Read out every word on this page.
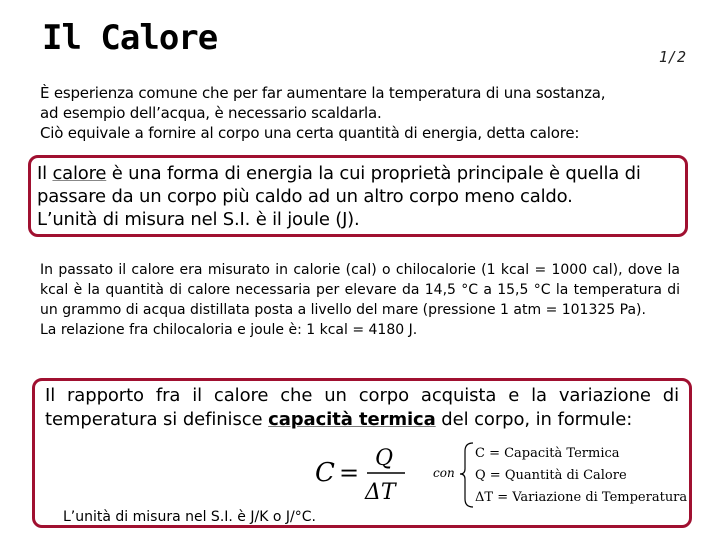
Il Calore	1/2

È esperienza comune che per far aumentare la temperatura di una sostanza,

ad esempio dell’acqua, è necessario scaldarla.

Ciò equivale a fornire al corpo una certa quantità di energia, detta calore:

Il calore è una forma di energia la cui proprietà principale è quella di

passare da un corpo più caldo ad un altro corpo meno caldo.

L’unità di misura nel S.I. è il joule (J).

In passato il calore era misurato in calorie (cal) o chilocalorie (1 kcal = 1000 cal), dove la kcal è la quantità di calore necessaria per elevare da 14,5 °C a 15,5 °C la temperatura di un grammo di acqua distillata posta a livello del mare (pressione 1 atm = 101325 Pa).

La relazione fra chilocaloria e joule è: 1 kcal = 4180 J.

Il rapporto fra il calore che un corpo acquista e la variazione di temperatura si definisce capacità termica del corpo, in formule:

C =
Q
ΔT
con
C = Capacità Termica
Q = Quantità di Calore
ΔT = Variazione di Temperatura
L’unità di misura nel S.I. è J/K o J/°C.
